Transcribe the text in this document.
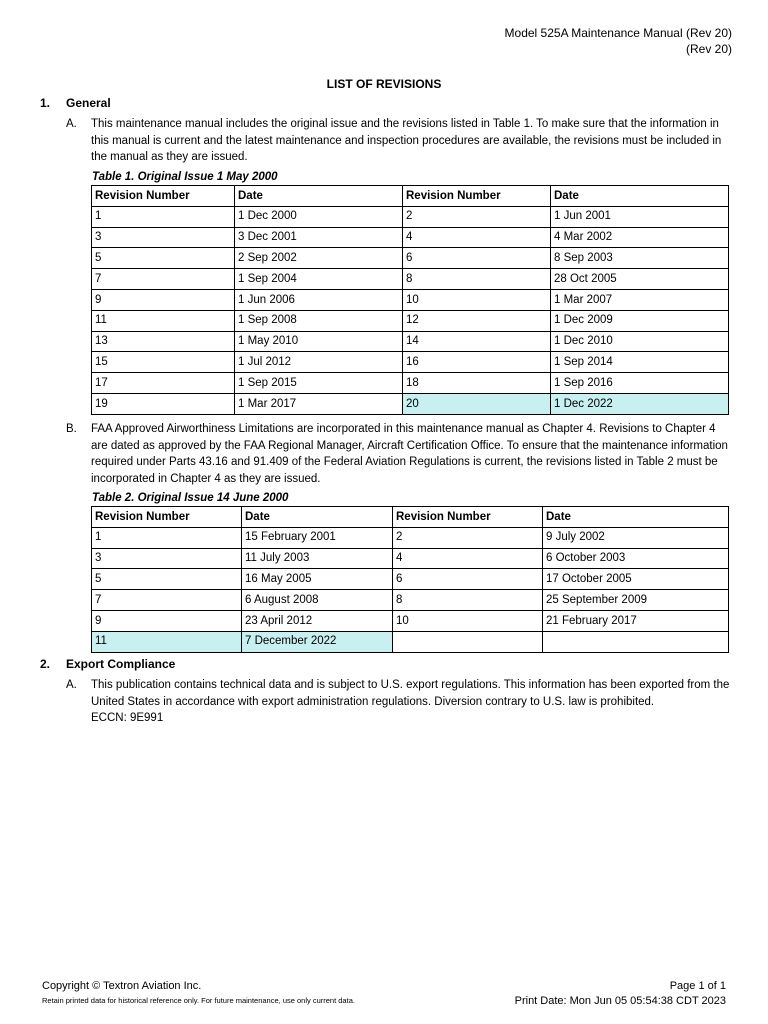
Model 525A Maintenance Manual (Rev 20)
(Rev 20)
LIST OF REVISIONS
1. General
A. This maintenance manual includes the original issue and the revisions listed in Table 1. To make sure that the information in this manual is current and the latest maintenance and inspection procedures are available, the revisions must be included in the manual as they are issued.
Table 1. Original Issue 1 May 2000
Revision Number	Date	Revision Number	Date
1	1 Dec 2000	2	1 Jun 2001
3	3 Dec 2001	4	4 Mar 2002
5	2 Sep 2002	6	8 Sep 2003
7	1 Sep 2004	8	28 Oct 2005
9	1 Jun 2006	10	1 Mar 2007
11	1 Sep 2008	12	1 Dec 2009
13	1 May 2010	14	1 Dec 2010
15	1 Jul 2012	16	1 Sep 2014
17	1 Sep 2015	18	1 Sep 2016
19	1 Mar 2017	20	1 Dec 2022
B. FAA Approved Airworthiness Limitations are incorporated in this maintenance manual as Chapter 4. Revisions to Chapter 4 are dated as approved by the FAA Regional Manager, Aircraft Certification Office. To ensure that the maintenance information required under Parts 43.16 and 91.409 of the Federal Aviation Regulations is current, the revisions listed in Table 2 must be incorporated in Chapter 4 as they are issued.
Table 2. Original Issue 14 June 2000
Revision Number	Date	Revision Number	Date
1	15 February 2001	2	9 July 2002
3	11 July 2003	4	6 October 2003
5	16 May 2005	6	17 October 2005
7	6 August 2008	8	25 September 2009
9	23 April 2012	10	21 February 2017
11	7 December 2022		
2. Export Compliance
A. This publication contains technical data and is subject to U.S. export regulations. This information has been exported from the United States in accordance with export administration regulations. Diversion contrary to U.S. law is prohibited.
ECCN: 9E991
Copyright © Textron Aviation Inc.
Retain printed data for historical reference only. For future maintenance, use only current data.
Page 1 of 1
Print Date: Mon Jun 05 05:54:38 CDT 2023
